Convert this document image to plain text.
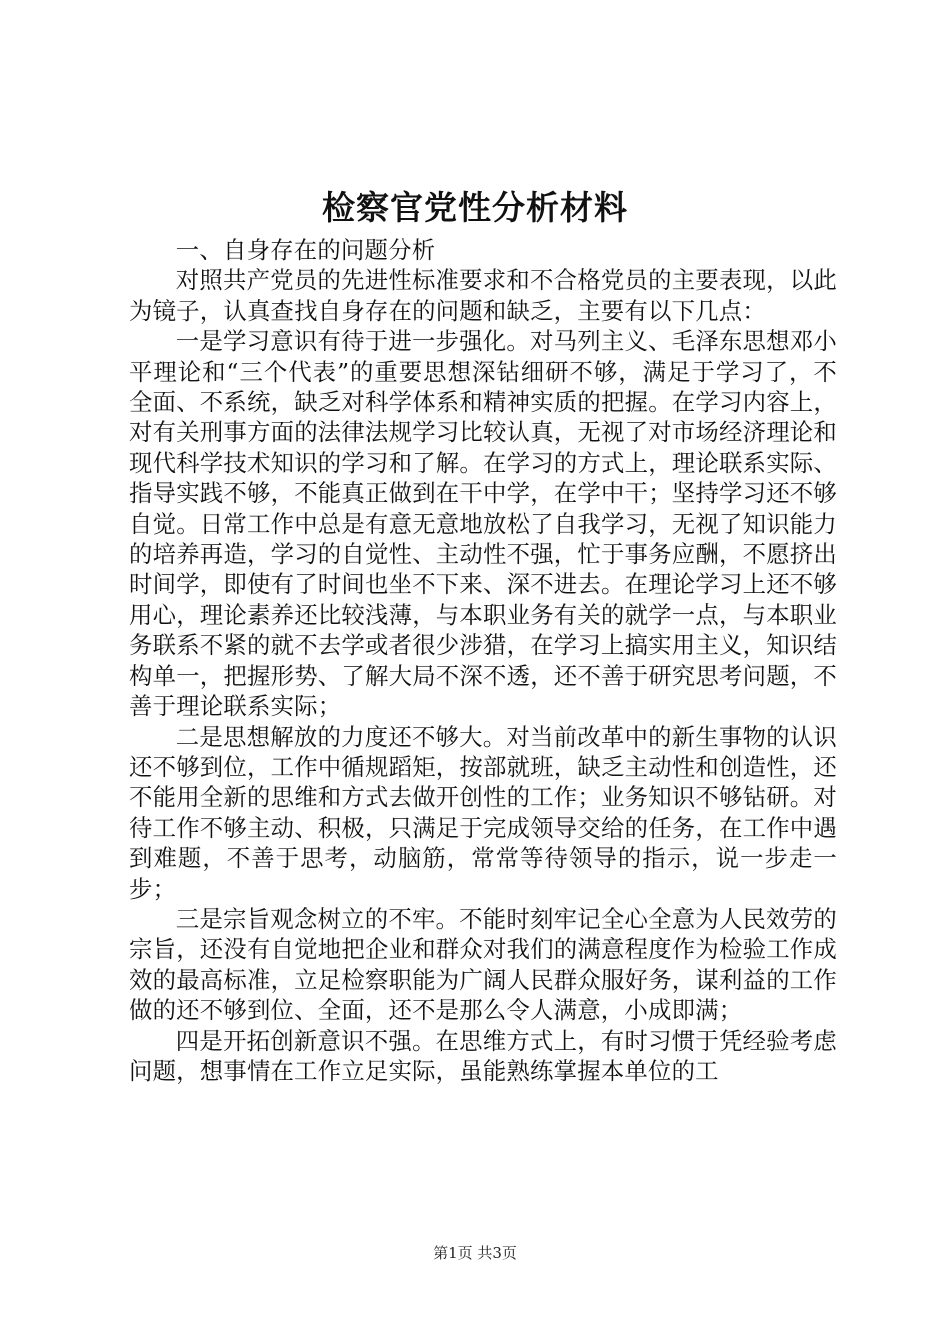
检察官党性分析材料

一、自身存在的问题分析

对照共产党员的先进性标准要求和不合格党员的主要表现，以此为镜子，认真查找自身存在的问题和缺乏，主要有以下几点：

一是学习意识有待于进一步强化。对马列主义、毛泽东思想邓小平理论和“三个代表”的重要思想深钻细研不够，满足于学习了，不全面、不系统，缺乏对科学体系和精神实质的把握。在学习内容上，对有关刑事方面的法律法规学习比较认真，无视了对市场经济理论和现代科学技术知识的学习和了解。在学习的方式上，理论联系实际、指导实践不够，不能真正做到在干中学，在学中干；坚持学习还不够自觉。日常工作中总是有意无意地放松了自我学习，无视了知识能力的培养再造，学习的自觉性、主动性不强，忙于事务应酬，不愿挤出时间学，即使有了时间也坐不下来、深不进去。在理论学习上还不够用心，理论素养还比较浅薄，与本职业务有关的就学一点，与本职业务联系不紧的就不去学或者很少涉猎，在学习上搞实用主义，知识结构单一，把握形势、了解大局不深不透，还不善于研究思考问题，不善于理论联系实际；

二是思想解放的力度还不够大。对当前改革中的新生事物的认识还不够到位，工作中循规蹈矩，按部就班，缺乏主动性和创造性，还不能用全新的思维和方式去做开创性的工作；业务知识不够钻研。对待工作不够主动、积极，只满足于完成领导交给的任务，在工作中遇到难题，不善于思考，动脑筋，常常等待领导的指示，说一步走一步；

三是宗旨观念树立的不牢。不能时刻牢记全心全意为人民效劳的宗旨，还没有自觉地把企业和群众对我们的满意程度作为检验工作成效的最高标准，立足检察职能为广阔人民群众服好务，谋利益的工作做的还不够到位、全面，还不是那么令人满意，小成即满；

四是开拓创新意识不强。在思维方式上，有时习惯于凭经验考虑问题，想事情在工作立足实际，虽能熟练掌握本单位的工

第1页 共3页
